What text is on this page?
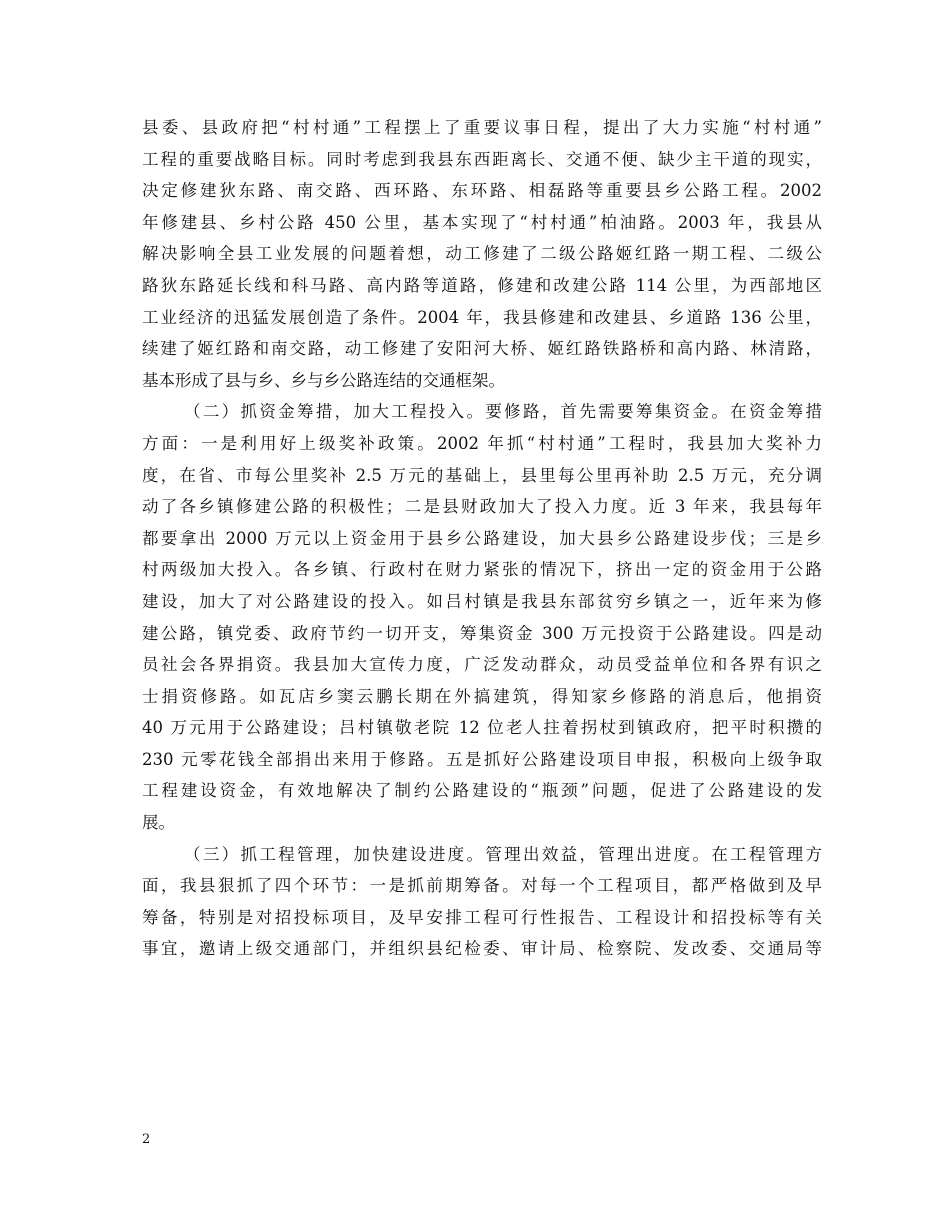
县委、县政府把“村村通”工程摆上了重要议事日程，提出了大力实施“村村通”
工程的重要战略目标。同时考虑到我县东西距离长、交通不便、缺少主干道的现实，
决定修建狄东路、南交路、西环路、东环路、相磊路等重要县乡公路工程。2002
年修建县、乡村公路 450 公里，基本实现了“村村通”柏油路。2003 年，我县从
解决影响全县工业发展的问题着想，动工修建了二级公路姬红路一期工程、二级公
路狄东路延长线和科马路、高内路等道路，修建和改建公路 114 公里，为西部地区
工业经济的迅猛发展创造了条件。2004 年，我县修建和改建县、乡道路 136 公里，
续建了姬红路和南交路，动工修建了安阳河大桥、姬红路铁路桥和高内路、林清路，
基本形成了县与乡、乡与乡公路连结的交通框架。
（二）抓资金筹措，加大工程投入。要修路，首先需要筹集资金。在资金筹措
方面：一是利用好上级奖补政策。2002 年抓“村村通”工程时，我县加大奖补力
度，在省、市每公里奖补 2.5 万元的基础上，县里每公里再补助 2.5 万元，充分调
动了各乡镇修建公路的积极性；二是县财政加大了投入力度。近 3 年来，我县每年
都要拿出 2000 万元以上资金用于县乡公路建设，加大县乡公路建设步伐；三是乡
村两级加大投入。各乡镇、行政村在财力紧张的情况下，挤出一定的资金用于公路
建设，加大了对公路建设的投入。如吕村镇是我县东部贫穷乡镇之一，近年来为修
建公路，镇党委、政府节约一切开支，筹集资金 300 万元投资于公路建设。四是动
员社会各界捐资。我县加大宣传力度，广泛发动群众，动员受益单位和各界有识之
士捐资修路。如瓦店乡窦云鹏长期在外搞建筑，得知家乡修路的消息后，他捐资
40 万元用于公路建设；吕村镇敬老院 12 位老人拄着拐杖到镇政府，把平时积攒的
230 元零花钱全部捐出来用于修路。五是抓好公路建设项目申报，积极向上级争取
工程建设资金，有效地解决了制约公路建设的“瓶颈”问题，促进了公路建设的发
展。
（三）抓工程管理，加快建设进度。管理出效益，管理出进度。在工程管理方
面，我县狠抓了四个环节：一是抓前期筹备。对每一个工程项目，都严格做到及早
筹备，特别是对招投标项目，及早安排工程可行性报告、工程设计和招投标等有关
事宜，邀请上级交通部门，并组织县纪检委、审计局、检察院、发改委、交通局等
2
